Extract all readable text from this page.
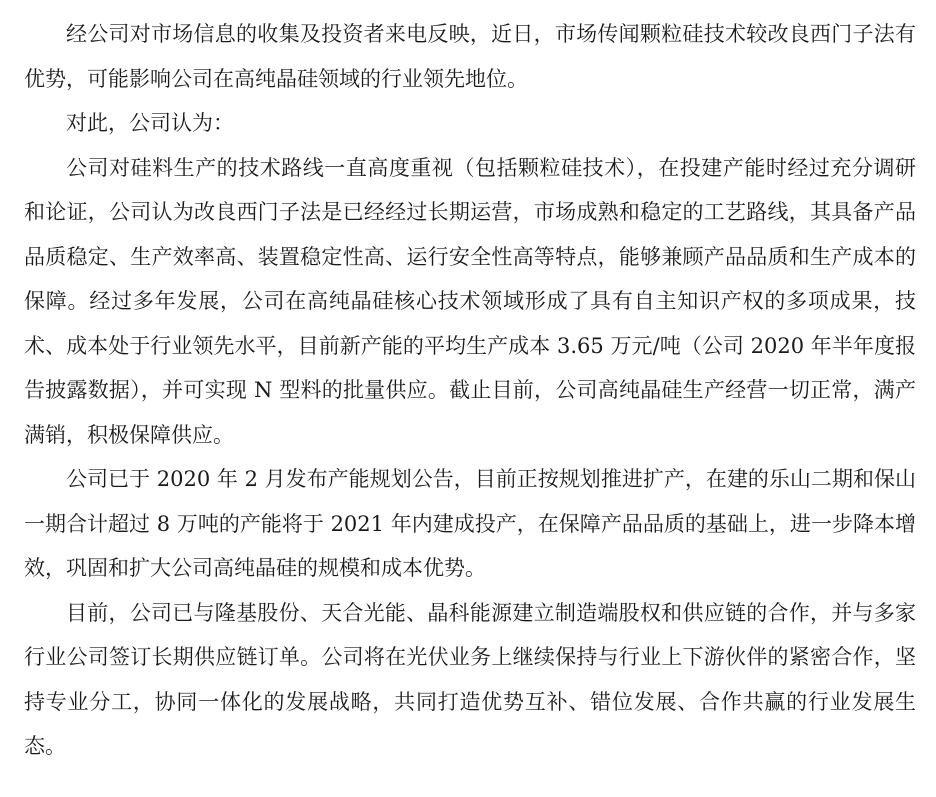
经公司对市场信息的收集及投资者来电反映，近日，市场传闻颗粒硅技术较改良西门子法有优势，可能影响公司在高纯晶硅领域的行业领先地位。

对此，公司认为：

公司对硅料生产的技术路线一直高度重视（包括颗粒硅技术），在投建产能时经过充分调研和论证，公司认为改良西门子法是已经经过长期运营，市场成熟和稳定的工艺路线，其具备产品品质稳定、生产效率高、装置稳定性高、运行安全性高等特点，能够兼顾产品品质和生产成本的保障。经过多年发展，公司在高纯晶硅核心技术领域形成了具有自主知识产权的多项成果，技术、成本处于行业领先水平，目前新产能的平均生产成本 3.65 万元/吨（公司 2020 年半年度报告披露数据），并可实现 N 型料的批量供应。截止目前，公司高纯晶硅生产经营一切正常，满产满销，积极保障供应。

公司已于 2020 年 2 月发布产能规划公告，目前正按规划推进扩产，在建的乐山二期和保山一期合计超过 8 万吨的产能将于 2021 年内建成投产，在保障产品品质的基础上，进一步降本增效，巩固和扩大公司高纯晶硅的规模和成本优势。

目前，公司已与隆基股份、天合光能、晶科能源建立制造端股权和供应链的合作，并与多家行业公司签订长期供应链订单。公司将在光伏业务上继续保持与行业上下游伙伴的紧密合作，坚持专业分工，协同一体化的发展战略，共同打造优势互补、错位发展、合作共赢的行业发展生态。
